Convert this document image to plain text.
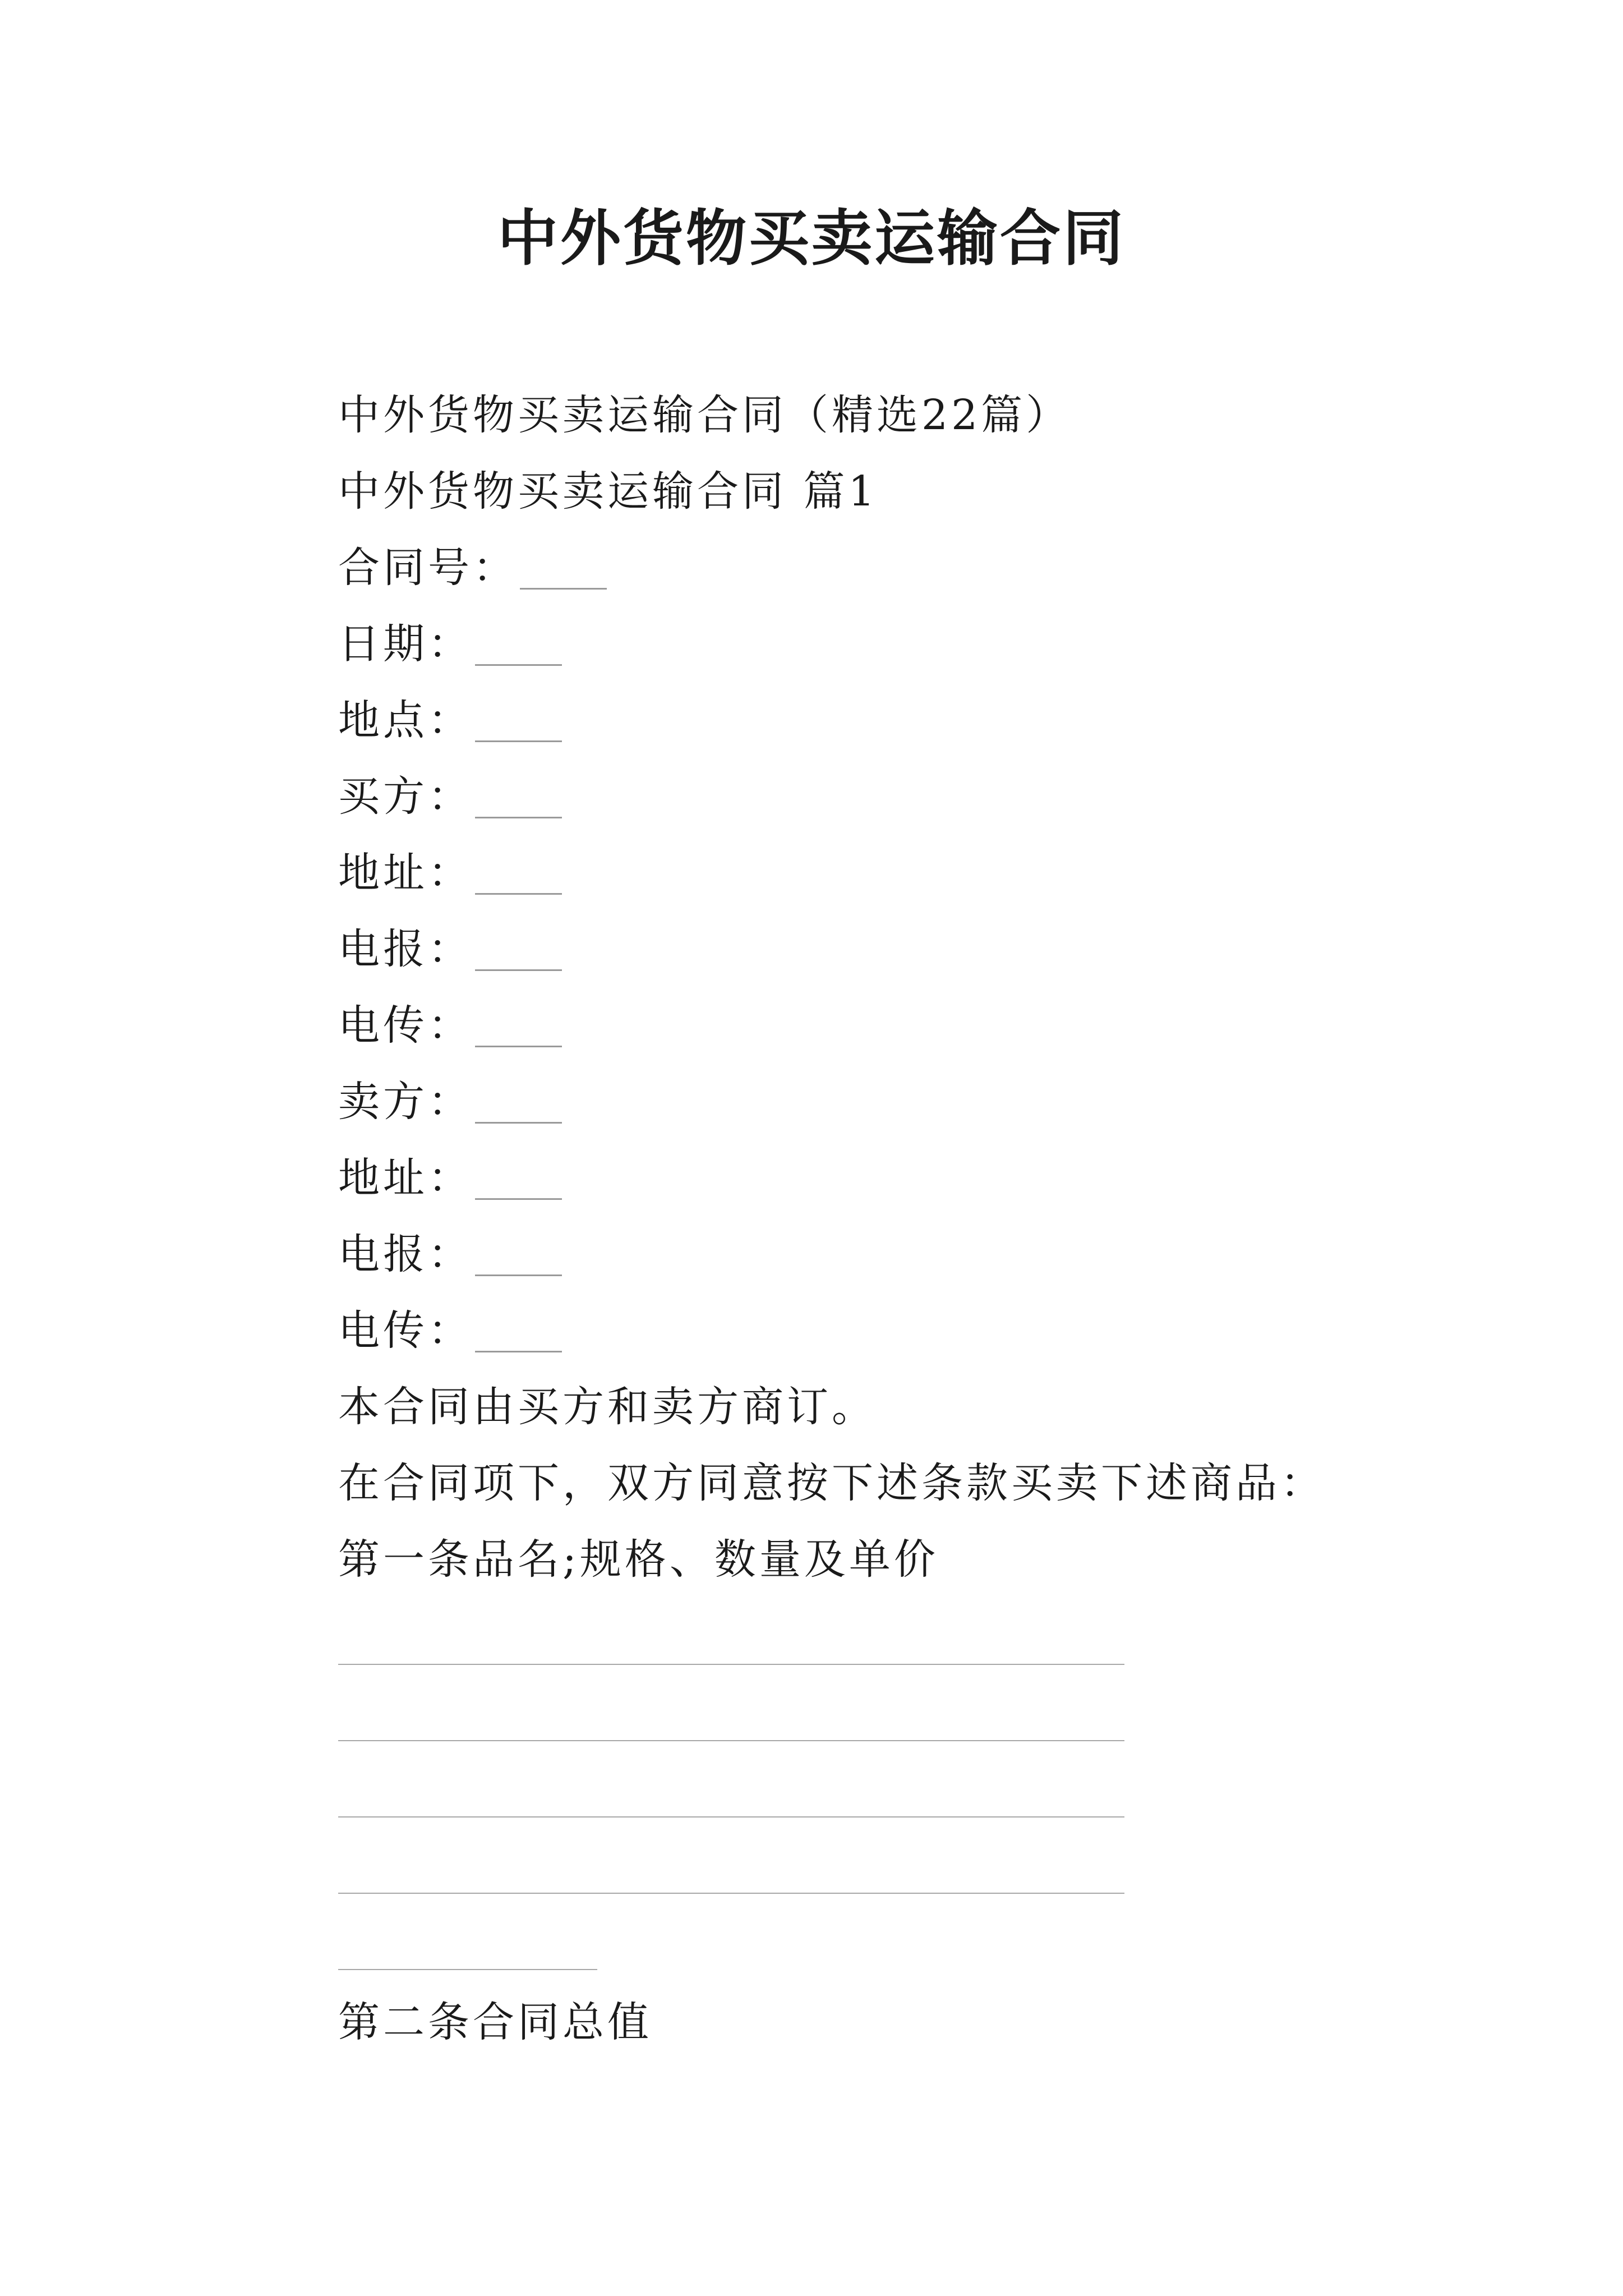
中外货物买卖运输合同
中外货物买卖运输合同（精选22篇）
中外货物买卖运输合同 篇1
合同号：
日期：
地点：
买方：
地址：
电报：
电传：
卖方：
地址：
电报：
电传：
本合同由买方和卖方商订。
在合同项下，双方同意按下述条款买卖下述商品：
第一条品名;规格、数量及单价
第二条合同总值
